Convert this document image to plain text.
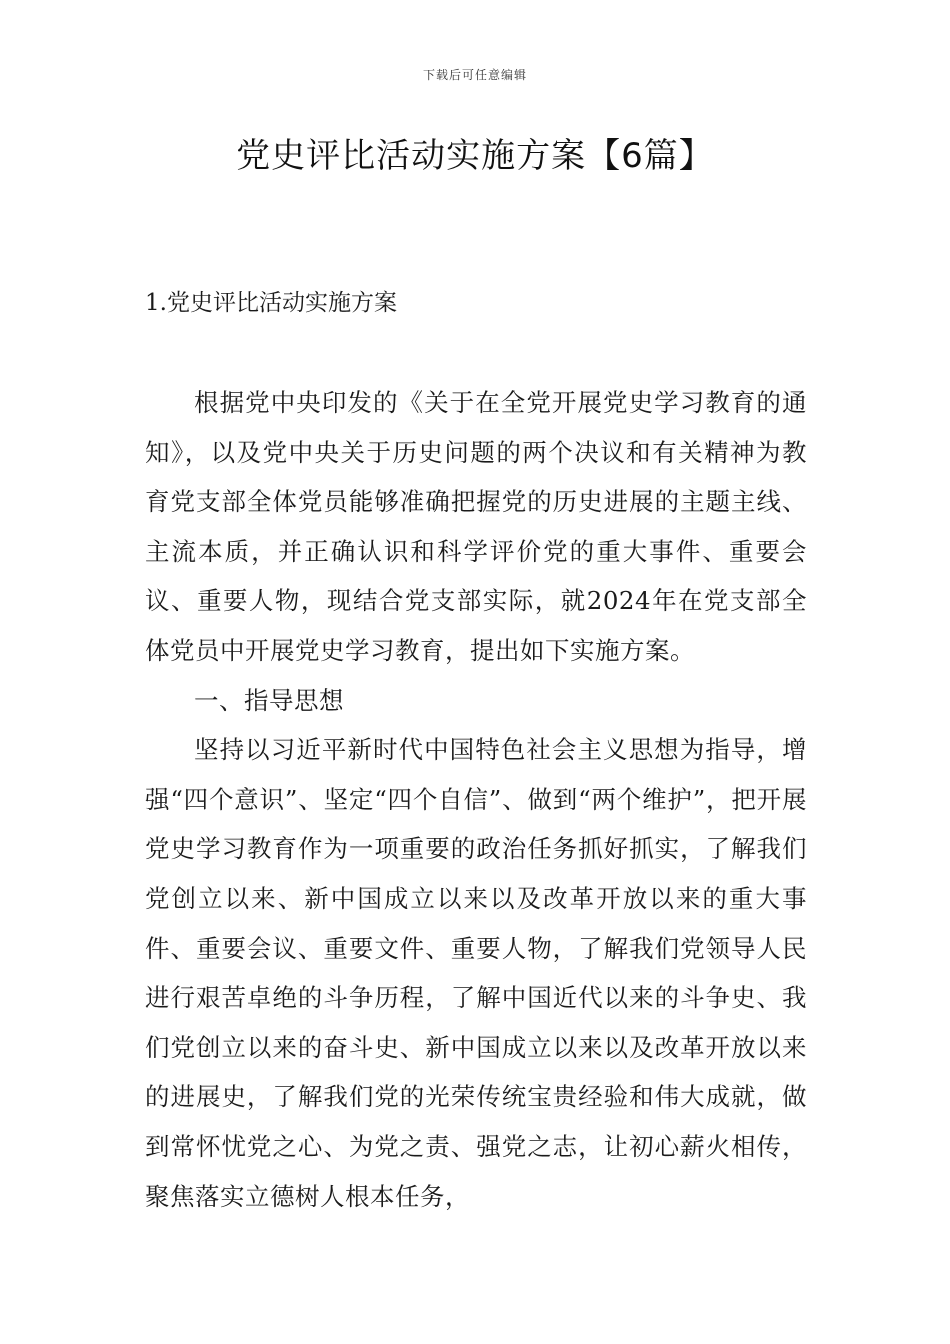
下载后可任意编辑
党史评比活动实施方案【6篇】
1.党史评比活动实施方案

根据党中央印发的《关于在全党开展党史学习教育的通知》，以及党中央关于历史问题的两个决议和有关精神为教育党支部全体党员能够准确把握党的历史进展的主题主线、主流本质，并正确认识和科学评价党的重大事件、重要会议、重要人物，现结合党支部实际，就2024年在党支部全体党员中开展党史学习教育，提出如下实施方案。

一、指导思想

坚持以习近平新时代中国特色社会主义思想为指导，增强“四个意识”、坚定“四个自信”、做到“两个维护”，把开展党史学习教育作为一项重要的政治任务抓好抓实，了解我们党创立以来、新中国成立以来以及改革开放以来的重大事件、重要会议、重要文件、重要人物，了解我们党领导人民进行艰苦卓绝的斗争历程，了解中国近代以来的斗争史、我们党创立以来的奋斗史、新中国成立以来以及改革开放以来的进展史，了解我们党的光荣传统宝贵经验和伟大成就，做到常怀忧党之心、为党之责、强党之志，让初心薪火相传，聚焦落实立德树人根本任务，
